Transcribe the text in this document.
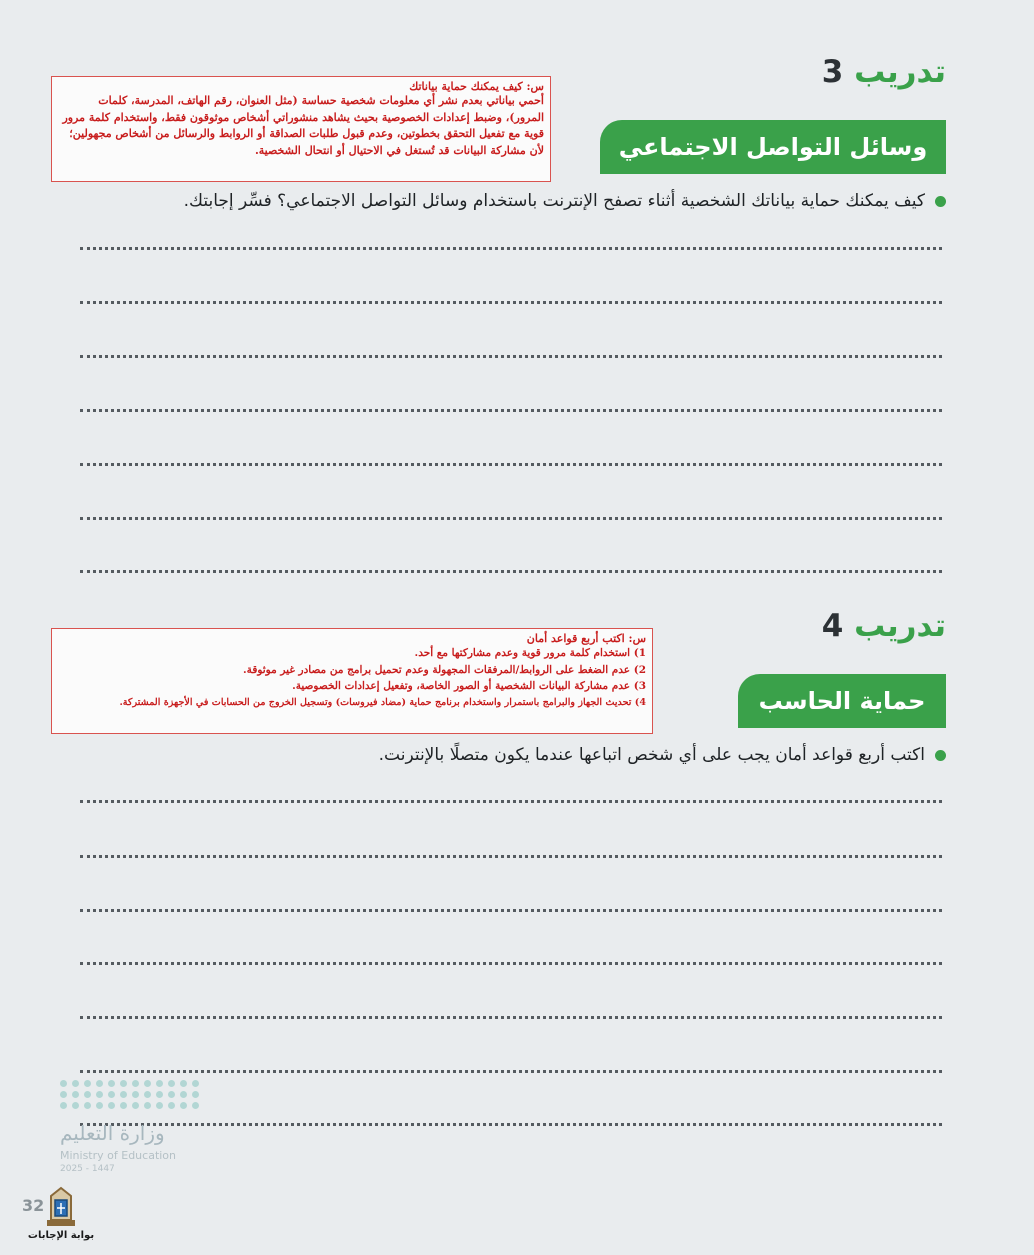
تدريب 3
وسائل التواصل الاجتماعي
س: كيف يمكنك حماية بياناتك

أحمي بياناتي بعدم نشر أي معلومات شخصية حساسة (مثل العنوان، رقم الهاتف، المدرسة، كلمات المرور)، وضبط إعدادات الخصوصية بحيث يشاهد منشوراتي أشخاص موثوقون فقط، واستخدام كلمة مرور قوية مع تفعيل التحقق بخطوتين، وعدم قبول طلبات الصداقة أو الروابط والرسائل من أشخاص مجهولين؛ لأن مشاركة البيانات قد تُستغل في الاحتيال أو انتحال الشخصية.

كيف يمكنك حماية بياناتك الشخصية أثناء تصفح الإنترنت باستخدام وسائل التواصل الاجتماعي؟ فسِّر إجابتك.
تدريب 4
حماية الحاسب
س: اكتب أربع قواعد أمان
1) استخدام كلمة مرور قوية وعدم مشاركتها مع أحد.
2) عدم الضغط على الروابط/المرفقات المجهولة وعدم تحميل برامج من مصادر غير موثوقة.
3) عدم مشاركة البيانات الشخصية أو الصور الخاصة، وتفعيل إعدادات الخصوصية.
4) تحديث الجهاز والبرامج باستمرار واستخدام برنامج حماية (مضاد فيروسات) وتسجيل الخروج من الحسابات في الأجهزة المشتركة.
اكتب أربع قواعد أمان يجب على أي شخص اتباعها عندما يكون متصلًا بالإنترنت.
وزارة التعليم
Ministry of Education
2025 - 1447
32
بوابة الإجابات
